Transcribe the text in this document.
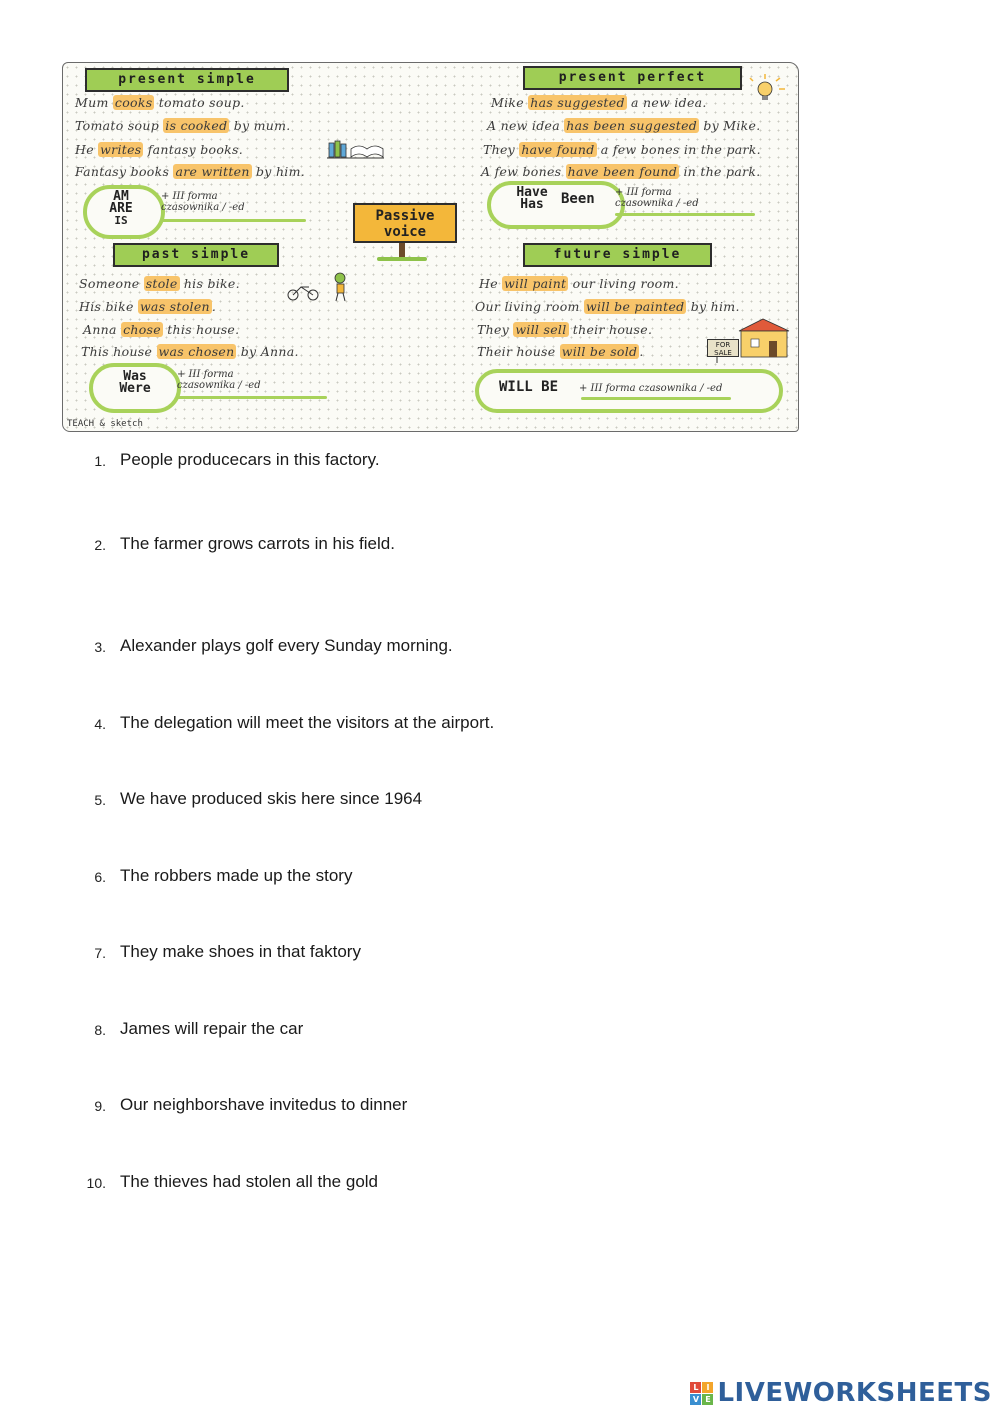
present simple
Mum cooks tomato soup.
Tomato soup is cooked by mum.
He writes fantasy books.
Fantasy books are written by him.
AM
ARE
IS
+ III forma
czasownika / -ed
present perfect
Mike has suggested a new idea.
A new idea has been suggested by Mike.
They have found a few bones in the park.
A few bones have been found in the park.
Have
Has	Been + III forma
czasownika / -ed
Passive
voice
past simple
Someone stole his bike.
His bike was stolen .
Anna chose this house.
This house was chosen by Anna.
Was
Were
+ III forma
czasownika / -ed
future simple
He will paint our living room.
Our living room will be painted by him.
They will sell their house.
Their house will be sold .
WILL BE + III forma czasownika / -ed
FOR SALE
TEACH & sketch
1. People producecars in this factory.
2. The farmer grows carrots in his field.
3. Alexander plays golf every Sunday morning.
4. The delegation will meet the visitors at the airport.
5. We have produced skis here since 1964
6. The robbers made up the story
7. They make shoes in that faktory
8. James will repair the car
9. Our neighborshave invitedus to dinner
10. The thieves had stolen all the gold
L I
V E LIVEWORKSHEETS
